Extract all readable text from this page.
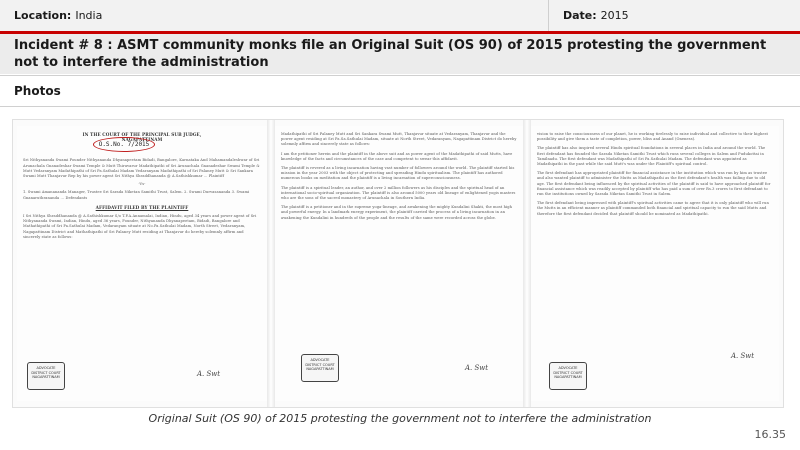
Location: India	Date: 2015
Incident # 8 : ASMT community monks file an Original Suit (OS 90) of 2015 protesting the government not to interfere the administration
Photos
IN THE COURT OF THE PRINCIPAL SUB JUDGE,
NAGAPATTINAM
Sri Nithyananda Swami Founder Nithyananda Dhyanapeetam Bidadi, Bangalore, Karnataka And Mahamandaleshwar of Sri Arunachala Gnanadeshar Swami Temple & Mutt Thiruvarur Madathipathi of Sri Arunachala Gnanadeshar Swami Temple & Mutt Vedaranyam Madathipathi of Sri Pa.Sathulai Madam Vedaranyam Madathipathi of Sri Palaney Mutt & Sri Sankara Swami Mutt Thanjavur Rep by his power agent Sri Nithya Shraddhananda @ A.Sathishkumar ... Plaintiff
-Vs-
1. Swami Amanananda Manager, Trustee Sri Sarada Niketan Samithi Trust, Salem. 2. Swami Durvasananda 3. Swami Gnanaruthrananda ... Defendants
AFFIDAVIT FILED BY THE PLAINTIFF
I Sri Nithya Shraddhananda @ A.Sathishkumar S/o T.P.A.Annamalai, Indian, Hindu, aged 34 years and power agent of Sri Nithyananda Swami, Indian, Hindu, aged 36 years, Founder, Nithyananda Dhyanapeetam, Bidadi, Bangalore and Mathathipathi of Sri Pa.Sathulai Madam, Vedaranyam situate at No.Pa.Sathulai Madam, North Street, Vedaranyam, Nagapattinam District and Mathathipathi of Sri Palaney Mutt residing at Thanjavur do hereby solemnly affirm and sincerely state as follows:
O.S.No. 7/2015
ADVOCATE DISTRICT COURT NAGAPATTINAM	A. Swt
Madathipathi of Sri Palaney Mutt and Sri Sankara Swami Mutt, Thanjavur situate at Vedaranyam, Thanjavur and the power agent residing at Sri Pa.Sa.Sathulai Madam, situate at North Street, Vedaranyam, Nagapattinam District do hereby solemnly affirm and sincerely state as follows:
I am the petitioner herein and the plaintiff in the above suit and as power agent of the Madathipathi of said Mutts, have knowledge of the facts and circumstances of the case and competent to swear this affidavit.
The plaintiff is revered as a living incarnation having vast number of followers around the world. The plaintiff started his mission in the year 2003 with the object of protecting and spreading Hindu spiritualism. The plaintiff has authored numerous books on meditation and the plaintiff is a living incarnation of superconsciousness.
The plaintiff is a spiritual leader, an author, and over 2 million followers as his disciples and the spiritual head of an international socio-spiritual organization. The plaintiff is also around 5000 years old lineage of enlightened yogis masters who are the sons of the sacred monastery of Arunachala in Southern India.
The plaintiff is a petitioner and in the supreme yoga-lineage, and awakening the mighty Kundalini Shakti, the most high and powerful energy. In a landmark energy experiment, the plaintiff carried the process of a living incarnation in an awakening the Kundalini in hundreds of the people and the results of the same were recorded across the globe.
ADVOCATE DISTRICT COURT NAGAPATTINAM	A. Swt
vision to raise the consciousness of our planet, he is working tirelessly to raise individual and collective to their highest possibility and give them a taste of completion, power, bliss and Anand (Oneness).
The plaintiff has also inspired several Hindu spiritual foundations in several places in India and around the world. The first defendant has founded the Sarada Niketan Samithi Trust which runs several colleges in Salem and Pudukottai in Tamilnadu. The first defendant was Madathipathi of Sri Pa.Sathulai Madam. The defendant was appointed as Madathipathi in the past while the said Mutt's was under the Plaintiff's spiritual control.
The first defendant has appropriated plaintiff for financial assistance in the institution which was run by him as trustee and also wanted plaintiff to administer the Mutts as Madathipathi as the first defendant's health was failing due to old age. The first defendant being influenced by the spiritual activities of the plaintiff is said to have approached plaintiff for financial assistance which was readily accepted by plaintiff who has paid a sum of over Rs.3 crores to first defendant to run the institutions owned by Sarada Niketan Samithi Trust in Salem.
The first defendant being impressed with plaintiff's spiritual activities came to agree that it is only plaintiff who will run the Mutts in an efficient manner as plaintiff commanded both financial and spiritual capacity to run the said Mutts and therefore the first defendant decided that plaintiff should be nominated as Madathipathi.
ADVOCATE DISTRICT COURT NAGAPATTINAM
A. Swt
Original Suit (OS 90) of 2015 protesting the government not to interfere the administration
16.35
